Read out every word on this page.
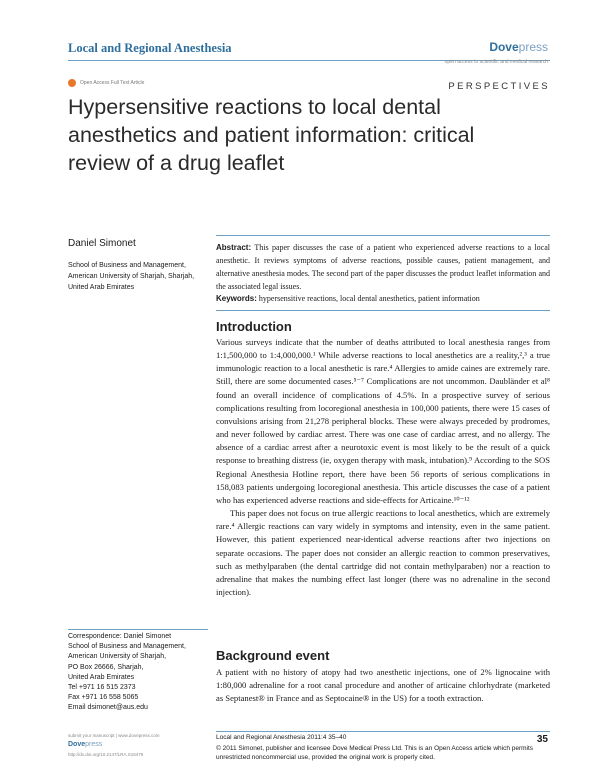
Local and Regional Anesthesia	Dovepress
open access to scientific and medical research
Open Access Full Text Article	PERSPECTIVES
Hypersensitive reactions to local dental anesthetics and patient information: critical review of a drug leaflet
Daniel Simonet
School of Business and Management, American University of Sharjah, Sharjah, United Arab Emirates
Abstract: This paper discusses the case of a patient who experienced adverse reactions to a local anesthetic. It reviews symptoms of adverse reactions, possible causes, patient management, and alternative anesthesia modes. The second part of the paper discusses the product leaflet information and the associated legal issues.
Keywords: hypersensitive reactions, local dental anesthetics, patient information
Introduction

Various surveys indicate that the number of deaths attributed to local anesthesia ranges from 1:1,500,000 to 1:4,000,000.¹ While adverse reactions to local anesthetics are a reality,²,³ a true immunologic reaction to a local anesthetic is rare.⁴ Allergies to amide caines are extremely rare. Still, there are some documented cases.⁵⁻⁷ Complications are not uncommon. Daubländer et al⁸ found an overall incidence of complications of 4.5%. In a prospective survey of serious complications resulting from locoregional anesthesia in 100,000 patients, there were 15 cases of convulsions arising from 21,278 peripheral blocks. These were always preceded by prodromes, and never followed by cardiac arrest. There was one case of cardiac arrest, and no allergy. The absence of a cardiac arrest after a neurotoxic event is most likely to be the result of a quick response to breathing distress (ie, oxygen therapy with mask, intubation).⁹ According to the SOS Regional Anesthesia Hotline report, there have been 56 reports of serious complications in 158,083 patients undergoing locoregional anesthesia. This article discusses the case of a patient who has experienced adverse reactions and side-effects for Articaine.¹⁰⁻¹²

This paper does not focus on true allergic reactions to local anesthetics, which are extremely rare.⁴ Allergic reactions can vary widely in symptoms and intensity, even in the same patient. However, this patient experienced near-identical adverse reactions after two injections on separate occasions. The paper does not consider an allergic reaction to common preservatives, such as methylparaben (the dental cartridge did not contain methylparaben) nor a reaction to adrenaline that makes the numbing effect last longer (there was no adrenaline in the second injection).

Background event
A patient with no history of atopy had two anesthetic injections, one of 2% lignocaine with 1:80,000 adrenaline for a root canal procedure and another of articaine chlorhydrate (marketed as Septanest® in France and as Septocaine® in the US) for a tooth extraction.
Correspondence: Daniel Simonet
School of Business and Management,
American University of Sharjah,
PO Box 26666, Sharjah,
United Arab Emirates
Tel +971 16 515 2373
Fax +971 16 558 5065
Email dsimonet@aus.edu
Local and Regional Anesthesia 2011:4 35–40	35
© 2011 Simonet, publisher and licensee Dove Medical Press Ltd. This is an Open Access article which permits unrestricted noncommercial use, provided the original work is properly cited.
submit your manuscript | www.dovepress.com
Dovepress
http://dx.doi.org/10.2147/LRA.S16479
